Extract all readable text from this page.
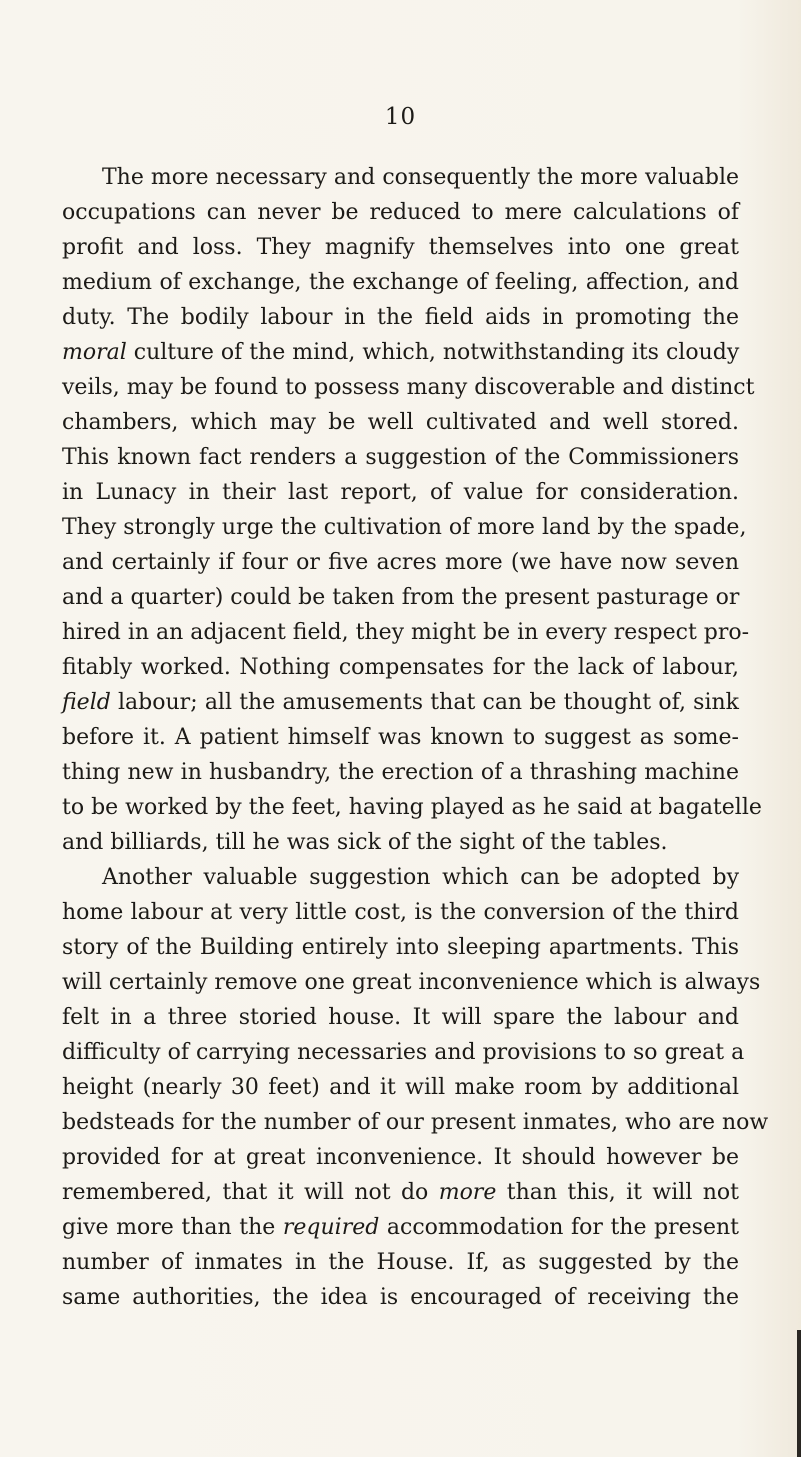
10
The more necessary and consequently the more valuable
occupations can never be reduced to mere calculations of
profit and loss. They magnify themselves into one great
medium of exchange, the exchange of feeling, affection, and
duty. The bodily labour in the field aids in promoting the
moral culture of the mind, which, notwithstanding its cloudy
veils, may be found to possess many discoverable and distinct
chambers, which may be well cultivated and well stored.
This known fact renders a suggestion of the Commissioners
in Lunacy in their last report, of value for consideration.
They strongly urge the cultivation of more land by the spade,
and certainly if four or five acres more (we have now seven
and a quarter) could be taken from the present pasturage or
hired in an adjacent field, they might be in every respect pro-
fitably worked. Nothing compensates for the lack of labour,
field labour; all the amusements that can be thought of, sink
before it. A patient himself was known to suggest as some-
thing new in husbandry, the erection of a thrashing machine
to be worked by the feet, having played as he said at bagatelle
and billiards, till he was sick of the sight of the tables.
Another valuable suggestion which can be adopted by
home labour at very little cost, is the conversion of the third
story of the Building entirely into sleeping apartments. This
will certainly remove one great inconvenience which is always
felt in a three storied house. It will spare the labour and
difficulty of carrying necessaries and provisions to so great a
height (nearly 30 feet) and it will make room by additional
bedsteads for the number of our present inmates, who are now
provided for at great inconvenience. It should however be
remembered, that it will not do more than this, it will not
give more than the required accommodation for the present
number of inmates in the House. If, as suggested by the
same authorities, the idea is encouraged of receiving the
